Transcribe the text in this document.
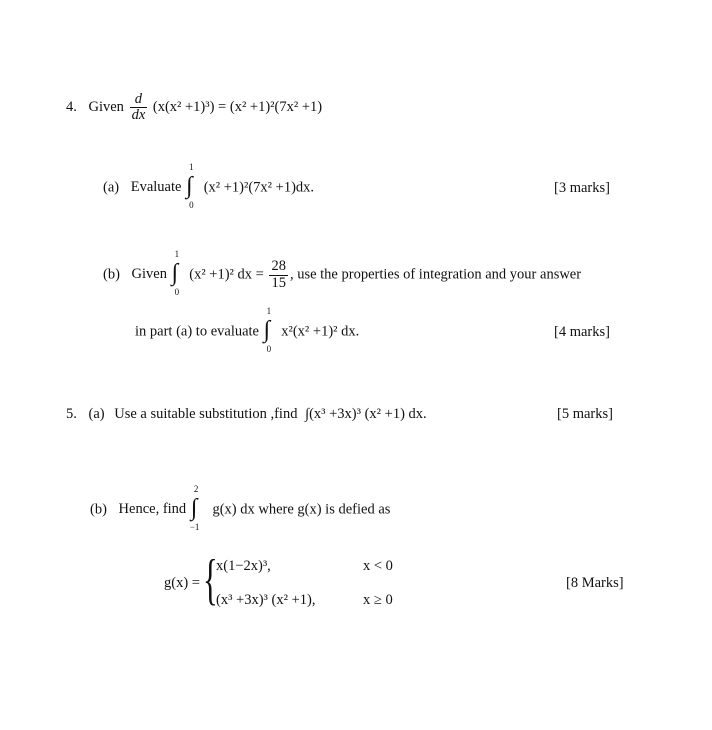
4. Given $\frac{d}{dx} (x(x^2 +1)^3) = (x^2 +1)^2(7x^2 +1)$
(a) Evaluate
1
∫
0
(x² +1)²(7x² +1)dx.	[3 marks]
(b) Given
1
∫
0
(x² +1)² dx = $\frac{28}{15}$ , use the properties of integration and your answer
in part (a) to evaluate
1
∫
0
x²(x² +1)² dx.	[4 marks]
5. (a) Use a suitable substitution ,find ∫(x³ +3x)³ (x² +1) dx.	[5 marks]
(b) Hence, find
2
∫
−1
g(x) dx where g(x) is defied as
g(x) = {
x(1−2x)³,	x < 0
(x³ +3x)³ (x² +1),	x ≥ 0
[8 Marks]
